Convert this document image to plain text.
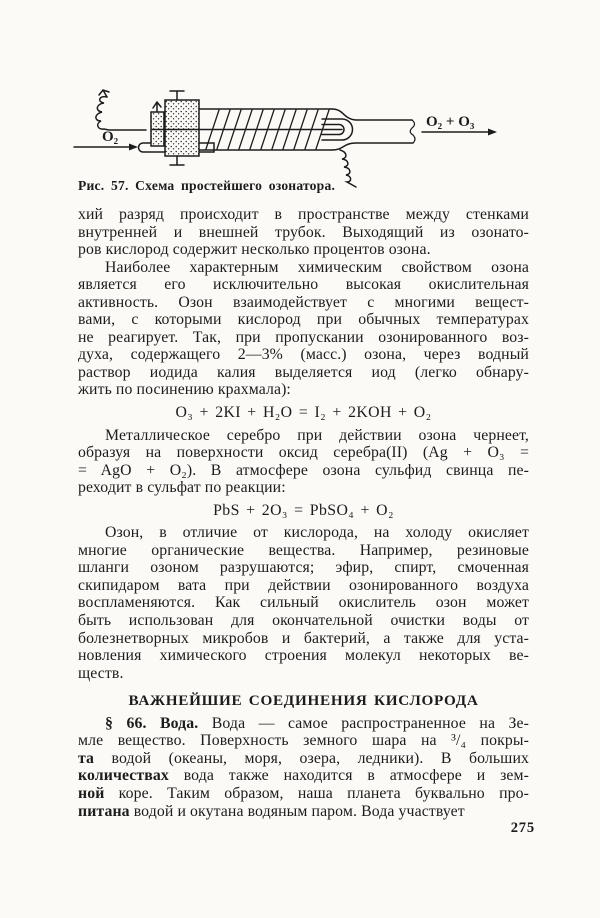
O₂
O₂ + O₃
Рис. 57. Схема простейшего озонатора.
хий разряд происходит в пространстве между стенками
внутренней и внешней трубок. Выходящий из озонато-
ров кислород содержит несколько процентов озона.
Наиболее характерным химическим свойством озона
является его исключительно высокая окислительная
активность. Озон взаимодействует с многими вещест-
вами, с которыми кислород при обычных температурах
не реагирует. Так, при пропускании озонированного воз-
духа, содержащего 2—3% (масс.) озона, через водный
раствор иодида калия выделяется иод (легко обнару-
жить по посинению крахмала):
O₃ + 2KI + H₂O = I₂ + 2KOH + O₂
Металлическое серебро при действии озона чернеет,
образуя на поверхности оксид серебра(II) (Ag + O₃ =
= AgO + O₂). В атмосфере озона сульфид свинца пе-
реходит в сульфат по реакции:
PbS + 2O₃ = PbSO₄ + O₂
Озон, в отличие от кислорода, на холоду окисляет
многие органические вещества. Например, резиновые
шланги озоном разрушаются; эфир, спирт, смоченная
скипидаром вата при действии озонированного воздуха
воспламеняются. Как сильный окислитель озон может
быть использован для окончательной очистки воды от
болезнетворных микробов и бактерий, а также для уста-
новления химического строения молекул некоторых ве-
ществ.
ВАЖНЕЙШИЕ СОЕДИНЕНИЯ КИСЛОРОДА
§ 66. Вода. Вода — самое распространенное на Зе-
мле вещество. Поверхность земного шара на ³/₄ покры-
та водой (океаны, моря, озера, ледники). В больших
количествах вода также находится в атмосфере и зем-
ной коре. Таким образом, наша планета буквально про-
питана водой и окутана водяным паром. Вода участвует
275
